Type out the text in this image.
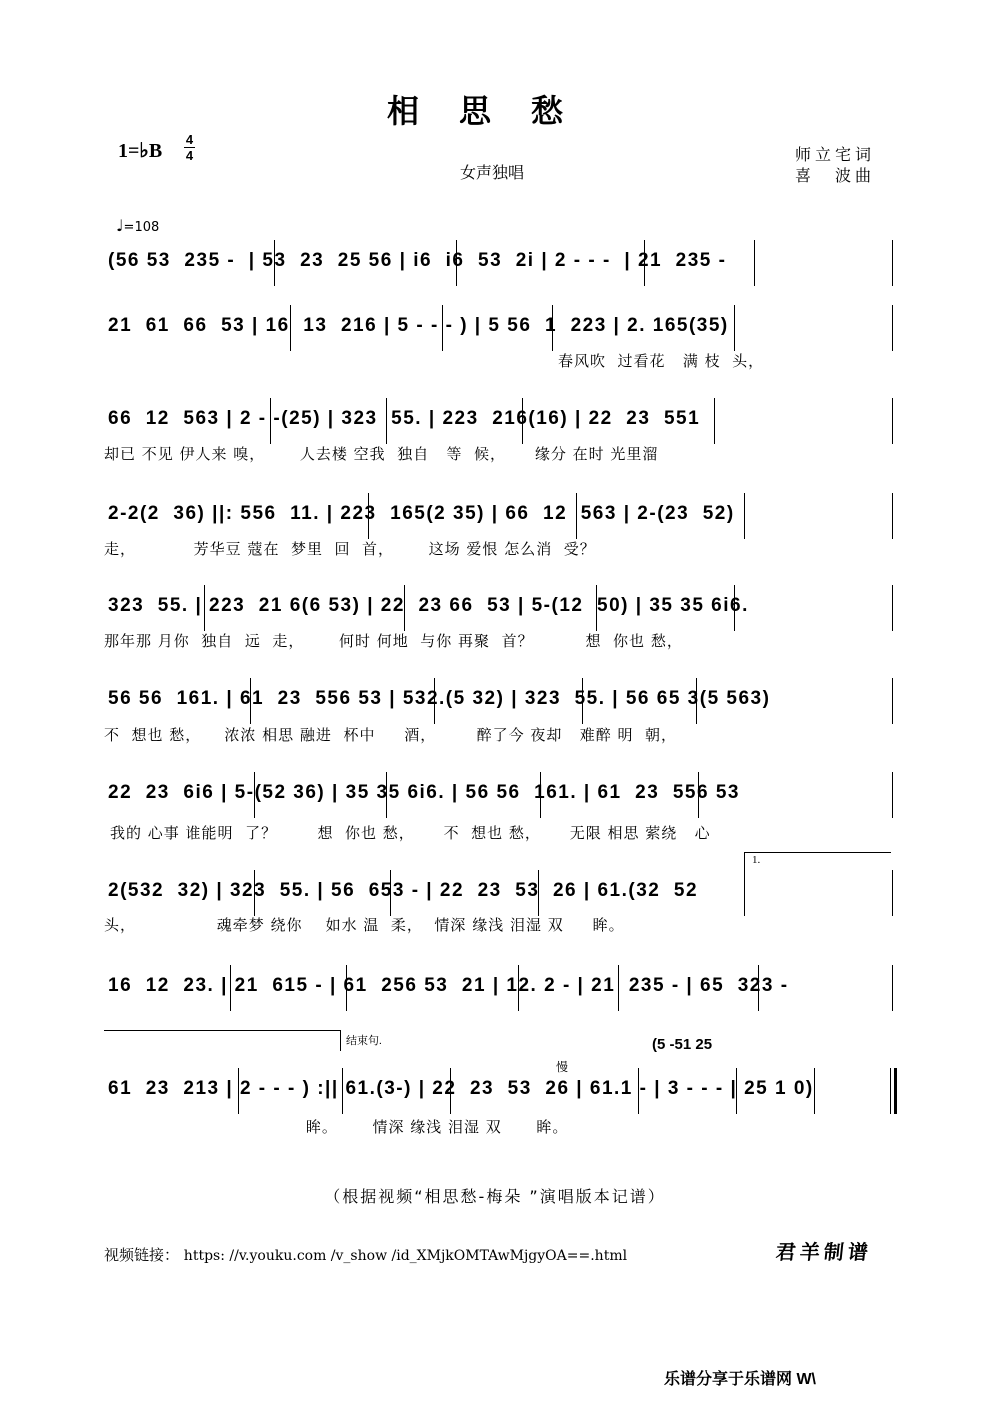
相思愁
1=♭B
4
4
女声独唱
师立宅词
喜　波曲
♩=108
(56 53  235 -  | 53  23  25 56 | i6  i6  53  2i | 2 - - -  | 21  235 -
21  61  66  53 | 16  13  216 | 5 - - - ) | 5 56  1  223 | 2. 165(35)
春风吹  过看花   满 枝  头，
66  12  563 | 2 - -(25) | 323  55. | 223  216(16) | 22  23  551
却已 不见 伊人来 嗅，      人去楼 空我  独自   等  候，     缘分 在时 光里溜
2-2(2  36) ||: 556  11. | 223  165(2 35) | 66  12  563 | 2-(23  52)
走，          芳华豆 蔻在  梦里  回  首，      这场 爱恨 怎么消  受？
323  55. | 223  21 6(6 53) | 22  23 66  53 | 5-(12  50) | 35 35 6i6.
那年那 月你  独自  远  走，      何时 何地  与你 再聚  首？         想  你也 愁，
56 56  161. | 61  23  556 53 | 532.(5 32) | 323  55. | 56 65 3(5 563)
不  想也 愁，    浓浓 相思 融进  杯中     酒，       醉了今 夜却   难醉 明  朝，
22  23  6i6 | 5-(52 36) | 35 35 6i6. | 56 56  161. | 61  23  556 53
我的 心事 谁能明  了？       想  你也 愁，     不  想也 愁，     无限 相思 萦绕   心
1.
2(532  32) | 323  55. | 56  653 - | 22  23  53  26 | 61.(32  52
头，              魂牵梦 绕你    如水 温  柔，  情深 缘浅 泪湿 双     眸。
16  12  23. | 21  615 - | 61  256 53  21 | 12. 2 - | 21  235 - | 65  323 -
结束句.
慢
(5 -51 25
61  23  213 | 2 - - - ) :|| 61.(3-) | 22  23  53  26 | 61.1 - | 3 - - - | 25 1 0)
眸。      情深 缘浅 泪湿 双      眸。
（根据视频“相思愁-梅朵 ”演唱版本记谱）
视频链接： https: //v.youku.com /v_show /id_XMjkOMTAwMjgyOA==.html	君羊制谱
乐谱分享于乐谱网 W\
